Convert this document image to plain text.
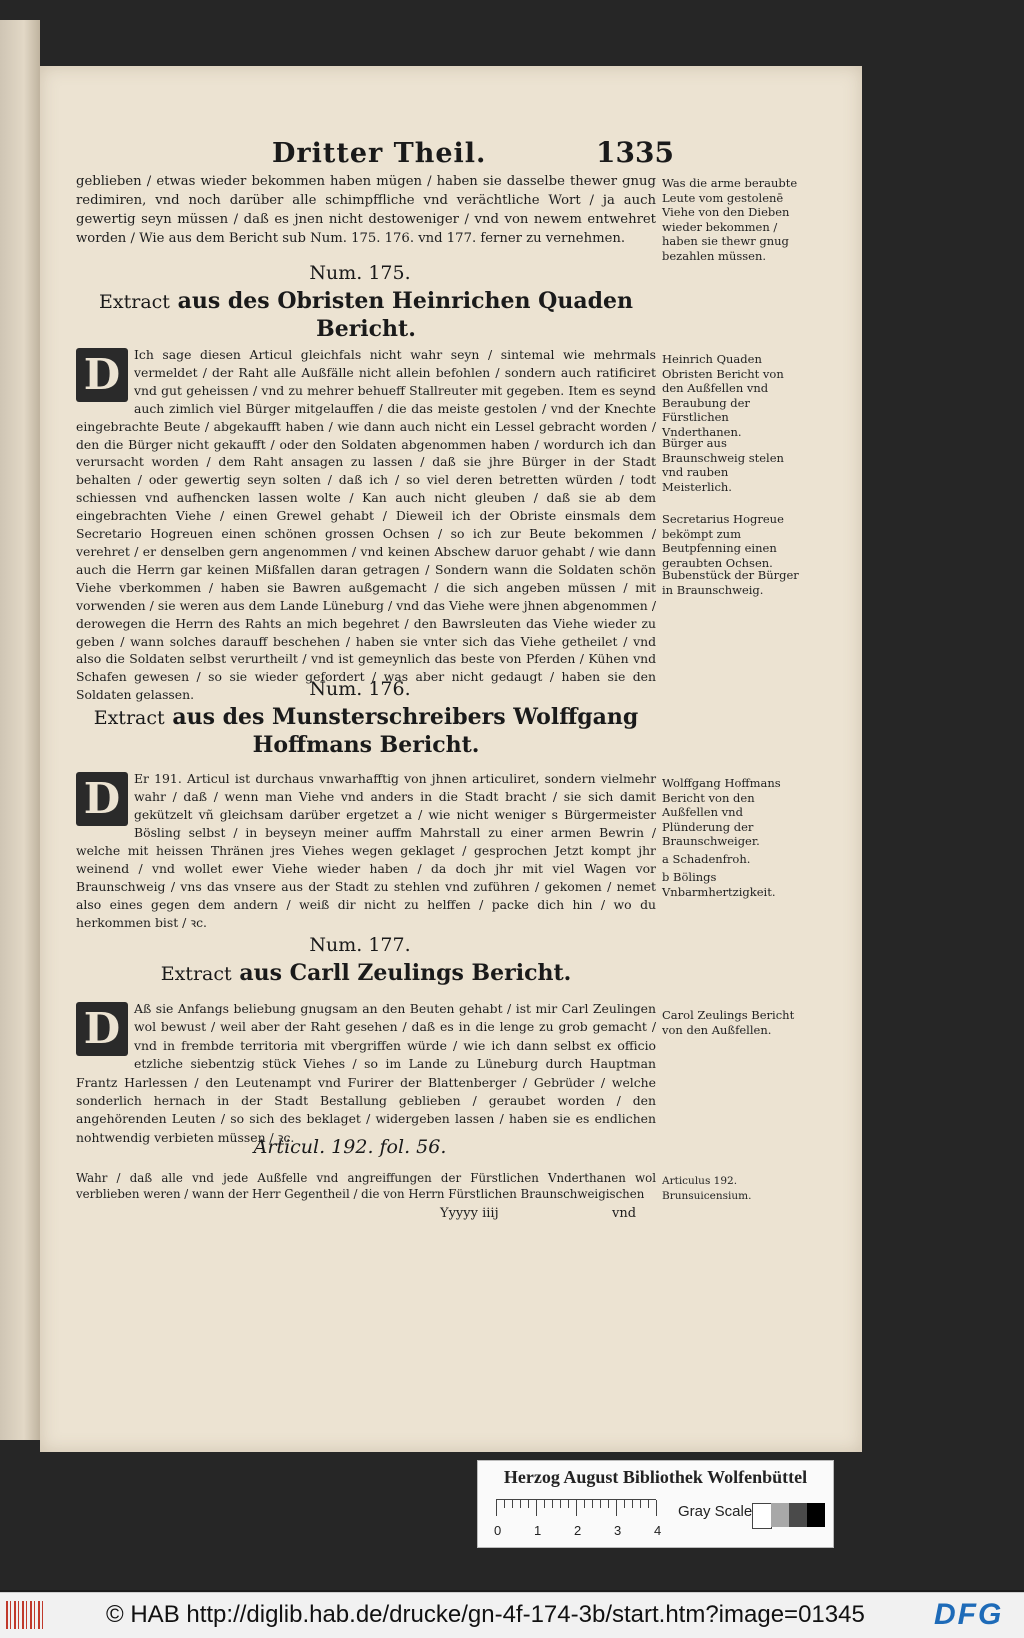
Dritter Theil.	1335
geblieben / etwas wieder bekommen haben mügen / haben sie dasselbe thewer gnug redimiren, vnd noch darüber alle schimpffliche vnd verächtliche Wort / ja auch gewertig seyn müssen / daß es jnen nicht destoweniger / vnd von newem entwehret worden / Wie aus dem Bericht sub Num. 175. 176. vnd 177. ferner zu vernehmen.
Was die arme beraubte Leute vom gestolenē Viehe von den Dieben wieder bekommen / haben sie thewr gnug bezahlen müssen.
Num. 175.
Extract aus des Obristen Heinrichen Quaden Bericht.
D	Ich sage diesen Articul gleichfals nicht wahr seyn / sintemal wie mehrmals vermeldet / der Raht alle Außfälle nicht allein befohlen / sondern auch ratificiret vnd gut geheissen / vnd zu mehrer behueff Stallreuter mit gegeben. Item es seynd auch zimlich viel Bürger mitgelauffen / die das meiste gestolen / vnd der Knechte eingebrachte Beute / abgekaufft haben / wie dann auch nicht ein Lessel gebracht worden / den die Bürger nicht gekaufft / oder den Soldaten abgenommen haben / wordurch ich dan verursacht worden / dem Raht ansagen zu lassen / daß sie jhre Bürger in der Stadt behalten / oder gewertig seyn solten / daß ich / so viel deren betretten würden / todt schiessen vnd aufhencken lassen wolte / Kan auch nicht gleuben / daß sie ab dem eingebrachten Viehe / einen Grewel gehabt / Dieweil ich der Obriste einsmals dem Secretario Hogreuen einen schönen grossen Ochsen / so ich zur Beute bekommen / verehret / er denselben gern angenommen / vnd keinen Abschew daruor gehabt / wie dann auch die Herrn gar keinen Mißfallen daran getragen / Sondern wann die Soldaten schön Viehe vberkommen / haben sie Bawren außgemacht / die sich angeben müssen / mit vorwenden / sie weren aus dem Lande Lüneburg / vnd das Viehe were jhnen abgenommen / derowegen die Herrn des Rahts an mich begehret / den Bawrsleuten das Viehe wieder zu geben / wann solches darauff beschehen / haben sie vnter sich das Viehe getheilet / vnd also die Soldaten selbst verurtheilt / vnd ist gemeynlich das beste von Pferden / Kühen vnd Schafen gewesen / so sie wieder gefordert / was aber nicht gedaugt / haben sie den Soldaten gelassen.
Heinrich Quaden Obristen Bericht von den Außfellen vnd Beraubung der Fürstlichen Vnderthanen.
Bürger aus Braunschweig stelen vnd rauben Meisterlich.
Secretarius Hogreue bekömpt zum Beutpfenning einen geraubten Ochsen.
Bubenstück der Bürger in Braunschweig.
Num. 176.
Extract aus des Munsterschreibers Wolffgang Hoffmans Bericht.
D	Er 191. Articul ist durchaus vnwarhafftig von jhnen articuliret, sondern vielmehr wahr / daß / wenn man Viehe vnd anders in die Stadt bracht / sie sich damit gekützelt vñ gleichsam darüber ergetzet a / wie nicht weniger s Bürgermeister Bösling selbst / in beyseyn meiner auffm Mahrstall zu einer armen Bewrin / welche mit heissen Thränen jres Viehes wegen geklaget / gesprochen Jetzt kompt jhr weinend / vnd wollet ewer Viehe wieder haben / da doch jhr mit viel Wagen vor Braunschweig / vns das vnsere aus der Stadt zu stehlen vnd zuführen / gekomen / nemet also eines gegen dem andern / weiß dir nicht zu helffen / packe dich hin / wo du herkommen bist / ꝛc.
Wolffgang Hoffmans Bericht von den Außfellen vnd Plünderung der Braunschweiger.
a Schadenfroh.
b Bölings Vnbarmhertzigkeit.
Num. 177.
Extract aus Carll Zeulings Bericht.
D	Aß sie Anfangs beliebung gnugsam an den Beuten gehabt / ist mir Carl Zeulingen wol bewust / weil aber der Raht gesehen / daß es in die lenge zu grob gemacht / vnd in frembde territoria mit vbergriffen würde / wie ich dann selbst ex officio etzliche siebentzig stück Viehes / so im Lande zu Lüneburg durch Hauptman Frantz Harlessen / den Leutenampt vnd Furirer der Blattenberger / Gebrüder / welche sonderlich hernach in der Stadt Bestallung geblieben / geraubet worden / den angehörenden Leuten / so sich des beklaget / widergeben lassen / haben sie es endlichen nohtwendig verbieten müssen / ꝛc.
Carol Zeulings Bericht von den Außfellen.
Articul. 192. fol. 56.
Wahr / daß alle vnd jede Außfelle vnd angreiffungen der Fürstlichen Vnderthanen wol verblieben weren / wann der Herr Gegentheil / die von Herrn Fürstlichen Braunschweigischen
Articulus 192. Brunsuicensium.
Yyyyy iiij	vnd
Herzog August Bibliothek Wolfenbüttel
0	1	2	3	4
Gray Scale
© HAB http://diglib.hab.de/drucke/gn-4f-174-3b/start.htm?image=01345 DFG
